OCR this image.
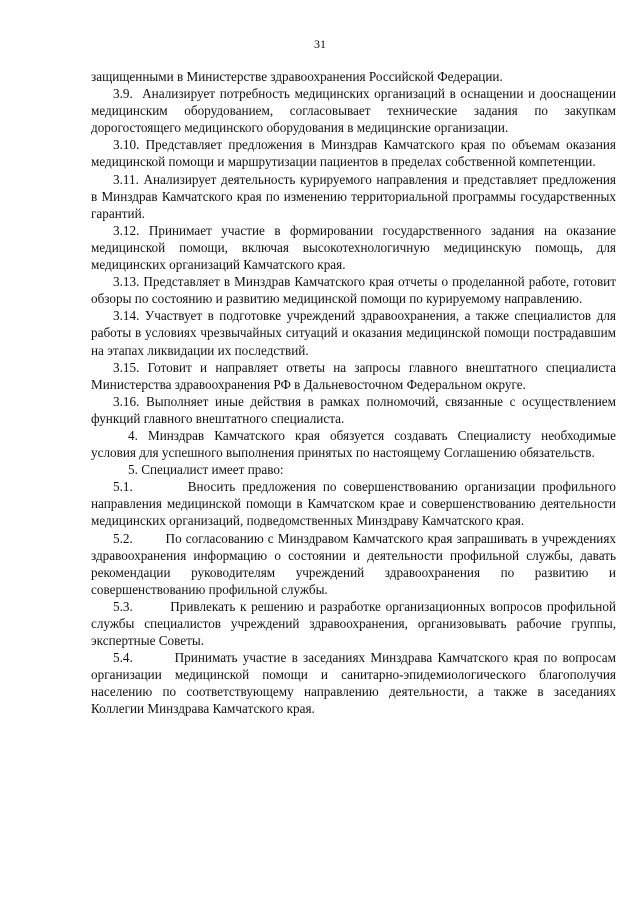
31

защищенными в Министерстве здравоохранения Российской Федерации.

3.9.  Анализирует потребность медицинских организаций в оснащении и дооснащении медицинским оборудованием, согласовывает технические задания по закупкам дорогостоящего медицинского оборудования в медицинские организации.

3.10. Представляет предложения в Минздрав Камчатского края по объемам оказания медицинской помощи и маршрутизации пациентов в пределах собственной компетенции.

3.11. Анализирует деятельность курируемого направления и представляет предложения в Минздрав Камчатского края по изменению территориальной программы государственных гарантий.

3.12. Принимает участие в формировании государственного задания на оказание медицинской помощи, включая высокотехнологичную медицинскую помощь, для медицинских организаций Камчатского края.

3.13. Представляет в Минздрав Камчатского края отчеты о проделанной работе, готовит обзоры по состоянию и развитию медицинской помощи по курируемому направлению.

3.14. Участвует в подготовке учреждений здравоохранения, а также специалистов для работы в условиях чрезвычайных ситуаций и оказания медицинской помощи пострадавшим на этапах ликвидации их последствий.

3.15. Готовит и направляет ответы на запросы главного внештатного специалиста Министерства здравоохранения РФ в Дальневосточном Федеральном округе.

3.16. Выполняет иные действия в рамках полномочий, связанные с осуществлением функций главного внештатного специалиста.

4. Минздрав Камчатского края обязуется создавать Специалисту необходимые условия для успешного выполнения принятых по настоящему Соглашению обязательств.

5. Специалист имеет право:

5.1.        Вносить предложения по совершенствованию организации профильного направления медицинской помощи в Камчатском крае и совершенствованию деятельности медицинских организаций, подведомственных Минздраву Камчатского края.

5.2.        По согласованию с Минздравом Камчатского края запрашивать в учреждениях здравоохранения информацию о состоянии и деятельности профильной службы, давать рекомендации руководителям учреждений здравоохранения по развитию и совершенствованию профильной службы.

5.3.        Привлекать к решению и разработке организационных вопросов профильной службы специалистов учреждений здравоохранения, организовывать рабочие группы, экспертные Советы.

5.4.        Принимать участие в заседаниях Минздрава Камчатского края по вопросам организации медицинской помощи и санитарно-эпидемиологического благополучия населению по соответствующему направлению деятельности, а также в заседаниях Коллегии Минздрава Камчатского края.
